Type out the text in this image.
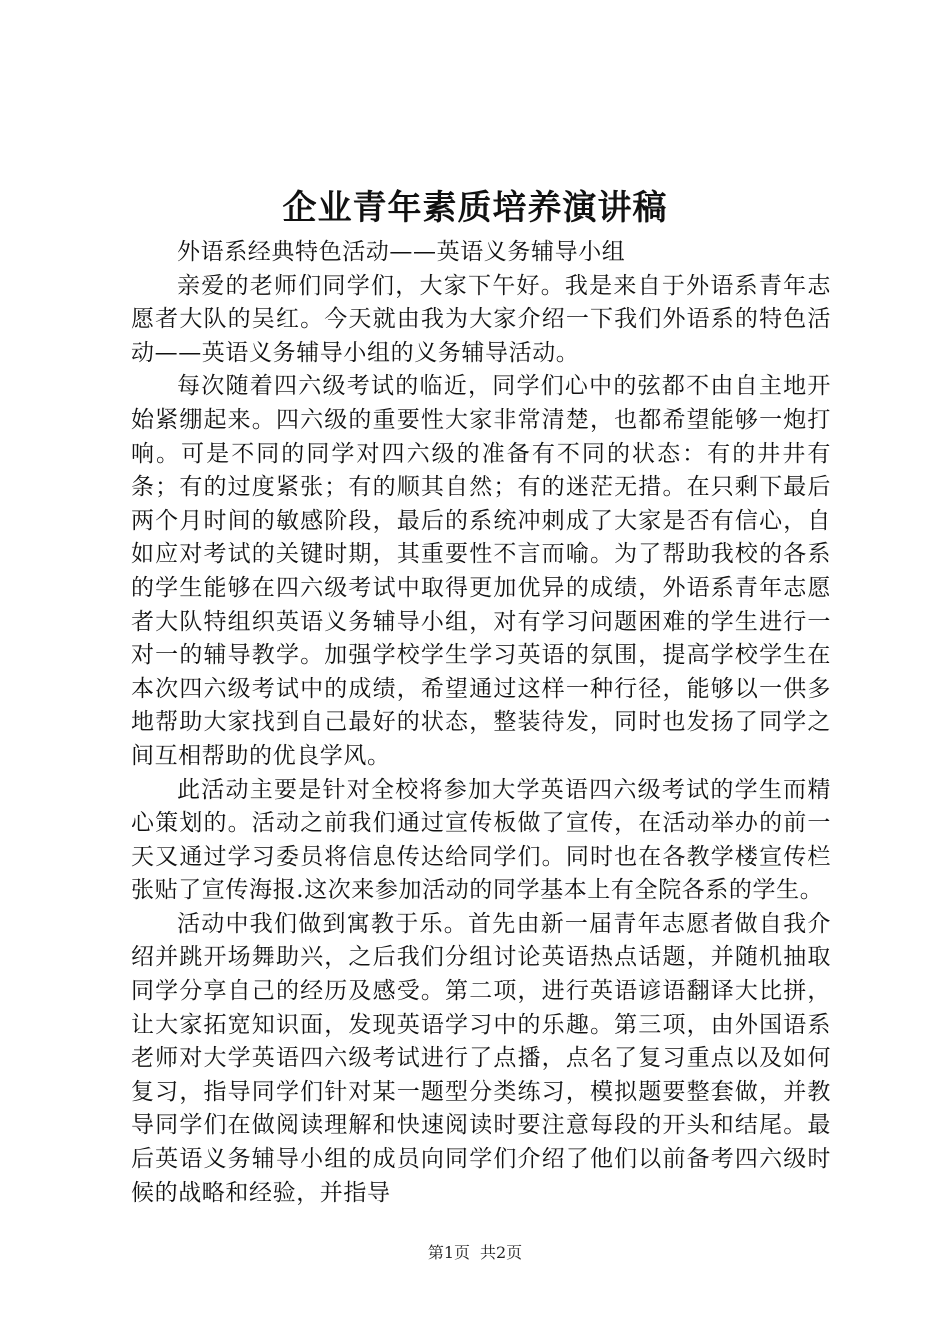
企业青年素质培养演讲稿

外语系经典特色活动——英语义务辅导小组

亲爱的老师们同学们，大家下午好。我是来自于外语系青年志愿者大队的吴红。今天就由我为大家介绍一下我们外语系的特色活动——英语义务辅导小组的义务辅导活动。

每次随着四六级考试的临近，同学们心中的弦都不由自主地开始紧绷起来。四六级的重要性大家非常清楚，也都希望能够一炮打响。可是不同的同学对四六级的准备有不同的状态：有的井井有条；有的过度紧张；有的顺其自然；有的迷茫无措。在只剩下最后两个月时间的敏感阶段，最后的系统冲刺成了大家是否有信心，自如应对考试的关键时期，其重要性不言而喻。为了帮助我校的各系的学生能够在四六级考试中取得更加优异的成绩，外语系青年志愿者大队特组织英语义务辅导小组，对有学习问题困难的学生进行一对一的辅导教学。加强学校学生学习英语的氛围，提高学校学生在本次四六级考试中的成绩，希望通过这样一种行径，能够以一供多地帮助大家找到自己最好的状态，整装待发，同时也发扬了同学之间互相帮助的优良学风。

此活动主要是针对全校将参加大学英语四六级考试的学生而精心策划的。活动之前我们通过宣传板做了宣传，在活动举办的前一天又通过学习委员将信息传达给同学们。同时也在各教学楼宣传栏张贴了宣传海报.这次来参加活动的同学基本上有全院各系的学生。

活动中我们做到寓教于乐。首先由新一届青年志愿者做自我介绍并跳开场舞助兴，之后我们分组讨论英语热点话题，并随机抽取同学分享自己的经历及感受。第二项，进行英语谚语翻译大比拼，让大家拓宽知识面，发现英语学习中的乐趣。第三项，由外国语系老师对大学英语四六级考试进行了点播，点名了复习重点以及如何复习，指导同学们针对某一题型分类练习，模拟题要整套做，并教导同学们在做阅读理解和快速阅读时要注意每段的开头和结尾。最后英语义务辅导小组的成员向同学们介绍了他们以前备考四六级时候的战略和经验，并指导

第1页 共2页
